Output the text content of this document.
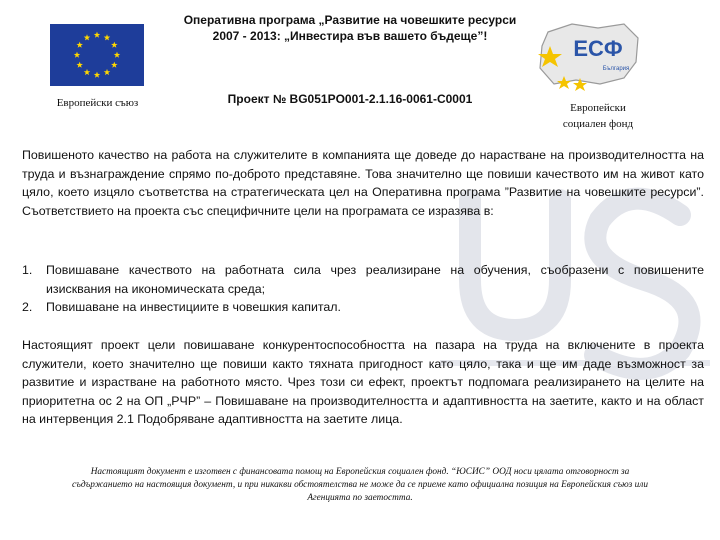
Европейски съюз
Оперативна програма „Развитие на човешките ресурси 2007 - 2013: „Инвестира във вашето бъдеще”!
Проект № BG051PO001-2.1.16-0061-C0001
ЕСФ
България
Европейски
социален фонд
Повишеното качество на работа на служителите в компанията ще доведе до нарастване на производителността на труда и възнаграждение спрямо по-доброто представяне. Това значително ще повиши качеството им на живот като цяло, което изцяло съответства на стратегическата цел на Оперативна програма ”Развитие на човешките ресурси”. Съответствието на проекта със специфичните цели на програмата се изразява в:
1.	Повишаване качеството на работната сила чрез реализиране на обучения, съобразени с повишените изисквания на икономическата среда;
2.	Повишаване на инвестициите в човешкия капитал.
Настоящият проект цели повишаване конкурентоспособността на пазара на труда на включените в проекта служители, което значително ще повиши както тяхната пригодност като цяло, така и ще им даде възможност за развитие и израстване на работното място. Чрез този си ефект, проектът подпомага реализирането на целите на приоритетна ос 2 на ОП „РЧР” – Повишаване на производителността и адаптивността на заетите, както и на област на интервенция 2.1 Подобряване адаптивността на заетите лица.
Настоящият документ е изготвен с финансовата помощ на Европейския социален фонд. “ЮСИС” ООД носи цялата отговорност за съдържанието на настоящия документ, и при никакви обстоятелства не може да се приеме като официална позиция на Европейския съюз или Агенцията по заетостта.
